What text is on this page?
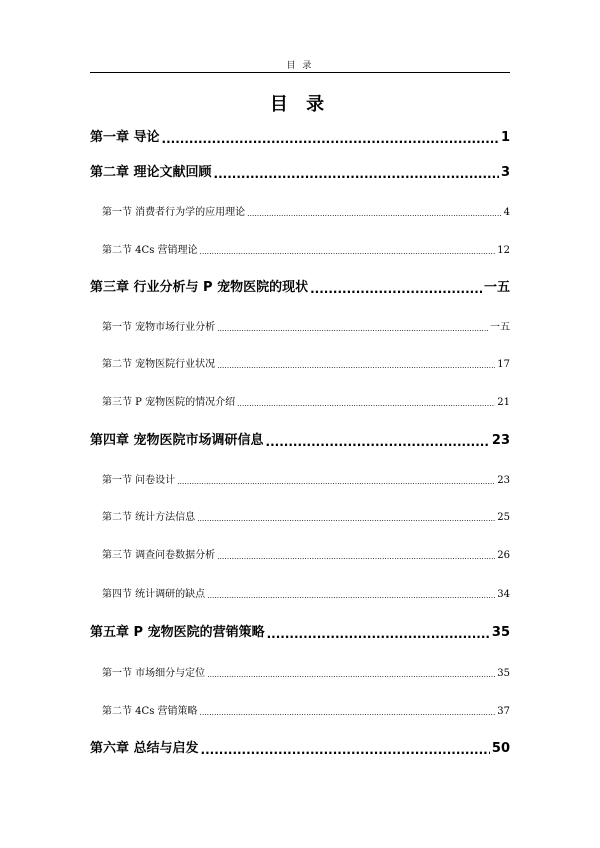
目 录
目 录
第一章 导论 .....	1
第二章 理论文献回顾 .....	3
第一节 消费者行为学的应用理论 .....	4
第二节 4Cs 营销理论 .....	12
第三章 行业分析与 P 宠物医院的现状 .....	一五
第一节 宠物市场行业分析 .....	一五
第二节 宠物医院行业状况 .....	17
第三节 P 宠物医院的情况介绍 .....	21
第四章 宠物医院市场调研信息 .....	23
第一节 问卷设计 .....	23
第二节 统计方法信息 .....	25
第三节 调查问卷数据分析 .....	26
第四节 统计调研的缺点 .....	34
第五章 P 宠物医院的营销策略 .....	35
第一节 市场细分与定位 .....	35
第二节 4Cs 营销策略 .....	37
第六章 总结与启发 .....	50
